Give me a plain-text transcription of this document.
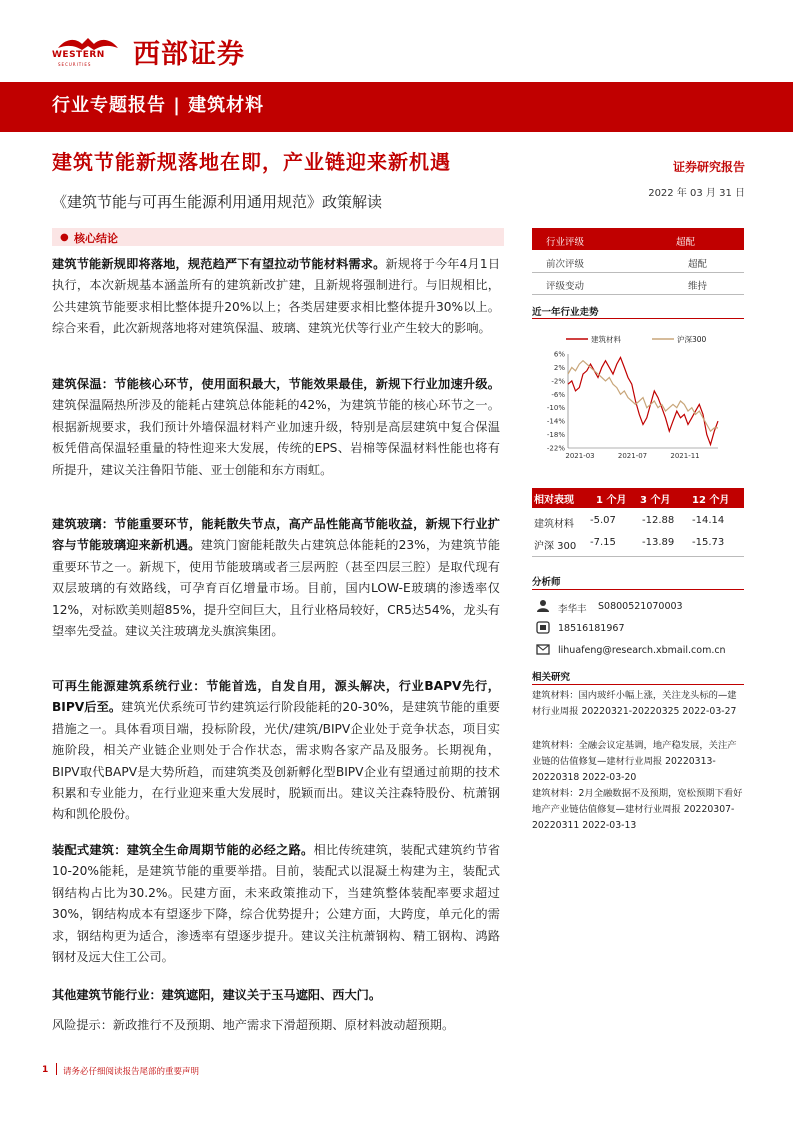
WESTERN
SECURITIES 西部证券
行业专题报告 | 建筑材料
建筑节能新规落地在即，产业链迎来新机遇
《建筑节能与可再生能源利用通用规范》政策解读
证券研究报告
2022 年 03 月 31 日
● 核心结论
建筑节能新规即将落地，规范趋严下有望拉动节能材料需求。新规将于今年4月1日执行，本次新规基本涵盖所有的建筑新改扩建，且新规将强制进行。与旧规相比，公共建筑节能要求相比整体提升20%以上；各类居建要求相比整体提升30%以上。综合来看，此次新规落地将对建筑保温、玻璃、建筑光伏等行业产生较大的影响。
建筑保温：节能核心环节，使用面积最大，节能效果最佳，新规下行业加速升级。建筑保温隔热所涉及的能耗占建筑总体能耗的42%，为建筑节能的核心环节之一。根据新规要求，我们预计外墙保温材料产业加速升级，特别是高层建筑中复合保温板凭借高保温轻重量的特性迎来大发展，传统的EPS、岩棉等保温材料性能也将有所提升，建议关注鲁阳节能、亚士创能和东方雨虹。
建筑玻璃：节能重要环节，能耗散失节点，高产品性能高节能收益，新规下行业扩容与节能玻璃迎来新机遇。建筑门窗能耗散失占建筑总体能耗的23%，为建筑节能重要环节之一。新规下，使用节能玻璃或者三层两腔（甚至四层三腔）是取代现有双层玻璃的有效路线，可孕育百亿增量市场。目前，国内LOW-E玻璃的渗透率仅12%，对标欧美则超85%，提升空间巨大，且行业格局较好，CR5达54%，龙头有望率先受益。建议关注玻璃龙头旗滨集团。
可再生能源建筑系统行业：节能首选，自发自用，源头解决，行业BAPV先行，BIPV后至。建筑光伏系统可节约建筑运行阶段能耗的20-30%，是建筑节能的重要措施之一。具体看项目端，投标阶段，光伏/建筑/BIPV企业处于竞争状态，项目实施阶段，相关产业链企业则处于合作状态，需求购各家产品及服务。长期视角，BIPV取代BAPV是大势所趋，而建筑类及创新孵化型BIPV企业有望通过前期的技术积累和专业能力，在行业迎来重大发展时，脱颖而出。建议关注森特股份、杭萧钢构和凯伦股份。
装配式建筑：建筑全生命周期节能的必经之路。相比传统建筑，装配式建筑约节省10-20%能耗，是建筑节能的重要举措。目前，装配式以混凝土构建为主，装配式钢结构占比为30.2%。民建方面，未来政策推动下，当建筑整体装配率要求超过30%，钢结构成本有望逐步下降，综合优势提升；公建方面，大跨度，单元化的需求，钢结构更为适合，渗透率有望逐步提升。建议关注杭萧钢构、精工钢构、鸿路钢材及远大住工公司。
其他建筑节能行业：建筑遮阳，建议关于玉马遮阳、西大门。
风险提示：新政推行不及预期、地产需求下滑超预期、原材料波动超预期。
行业评级	超配
前次评级	超配
评级变动	维持
近一年行业走势
建筑材料	沪深300
6%
2%
-2%
-6%
-10%
-14%
-18%
-22%
2021-03	2021-07	2021-11
相对表现 1 个月 3 个月 12 个月
建筑材料 -5.07	-12.88 -14.14
沪深 300 -7.15	-13.89 -15.73
分析师
李华丰 S0800521070003
18516181967
lihuafeng@research.xbmail.com.cn
相关研究
建筑材料：国内玻纤小幅上涨，关注龙头标的—建材行业周报 20220321-20220325 2022-03-27
建筑材料：全融会议定基调，地产稳发展，关注产业链的估值修复—建材行业周报 20220313-20220318 2022-03-20
建筑材料：2月全融数据不及预期，宽松预期下看好地产产业链估值修复—建材行业周报 20220307-20220311 2022-03-13
1 请务必仔细阅读报告尾部的重要声明
